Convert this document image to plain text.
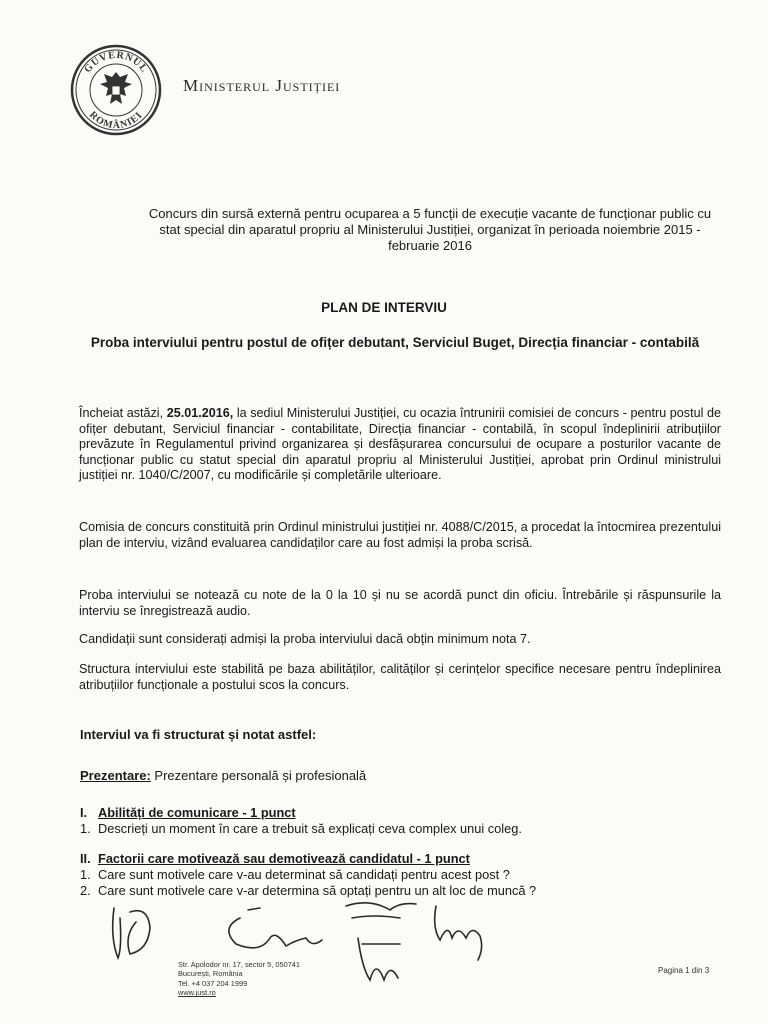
GUVERNUL
ROMÂNIEI
Ministerul Justiției
Concurs din sursă externă pentru ocuparea a 5 funcții de execuție vacante de funcționar public cu stat special din aparatul propriu al Ministerului Justiției, organizat în perioada noiembrie 2015 - februarie 2016
PLAN DE INTERVIU
Proba interviului pentru postul de ofițer debutant, Serviciul Buget, Direcția financiar - contabilă
Încheiat astăzi, 25.01.2016, la sediul Ministerului Justiției, cu ocazia întrunirii comisiei de concurs - pentru postul de ofițer debutant, Serviciul financiar - contabilitate, Direcția financiar - contabilă, în scopul îndeplinirii atribuțiilor prevăzute în Regulamentul privind organizarea și desfășurarea concursului de ocupare a posturilor vacante de funcționar public cu statut special din aparatul propriu al Ministerului Justiției, aprobat prin Ordinul ministrului justiției nr. 1040/C/2007, cu modificările și completările ulterioare.
Comisia de concurs constituită prin Ordinul ministrului justiției nr. 4088/C/2015, a procedat la întocmirea prezentului plan de interviu, vizând evaluarea candidaților care au fost admiși la proba scrisă.
Proba interviului se notează cu note de la 0 la 10 și nu se acordă punct din oficiu. Întrebările și răspunsurile la interviu se înregistrează audio.
Candidații sunt considerați admiși la proba interviului dacă obțin minimum nota 7.
Structura interviului este stabilită pe baza abilităților, calităților și cerințelor specifice necesare pentru îndeplinirea atribuțiilor funcționale a postului scos la concurs.
Interviul va fi structurat și notat astfel:
Prezentare: Prezentare personală și profesională
I. Abilități de comunicare - 1 punct
1. Descrieți un moment în care a trebuit să explicați ceva complex unui coleg.
II. Factorii care motivează sau demotivează candidatul - 1 punct
1. Care sunt motivele care v-au determinat să candidați pentru acest post ?
2. Care sunt motivele care v-ar determina să optați pentru un alt loc de muncă ?
Str. Apolodor nr. 17, sector 5, 050741
București, România
Tel. +4 037 204 1999
www.just.ro
Pagina 1 din 3
